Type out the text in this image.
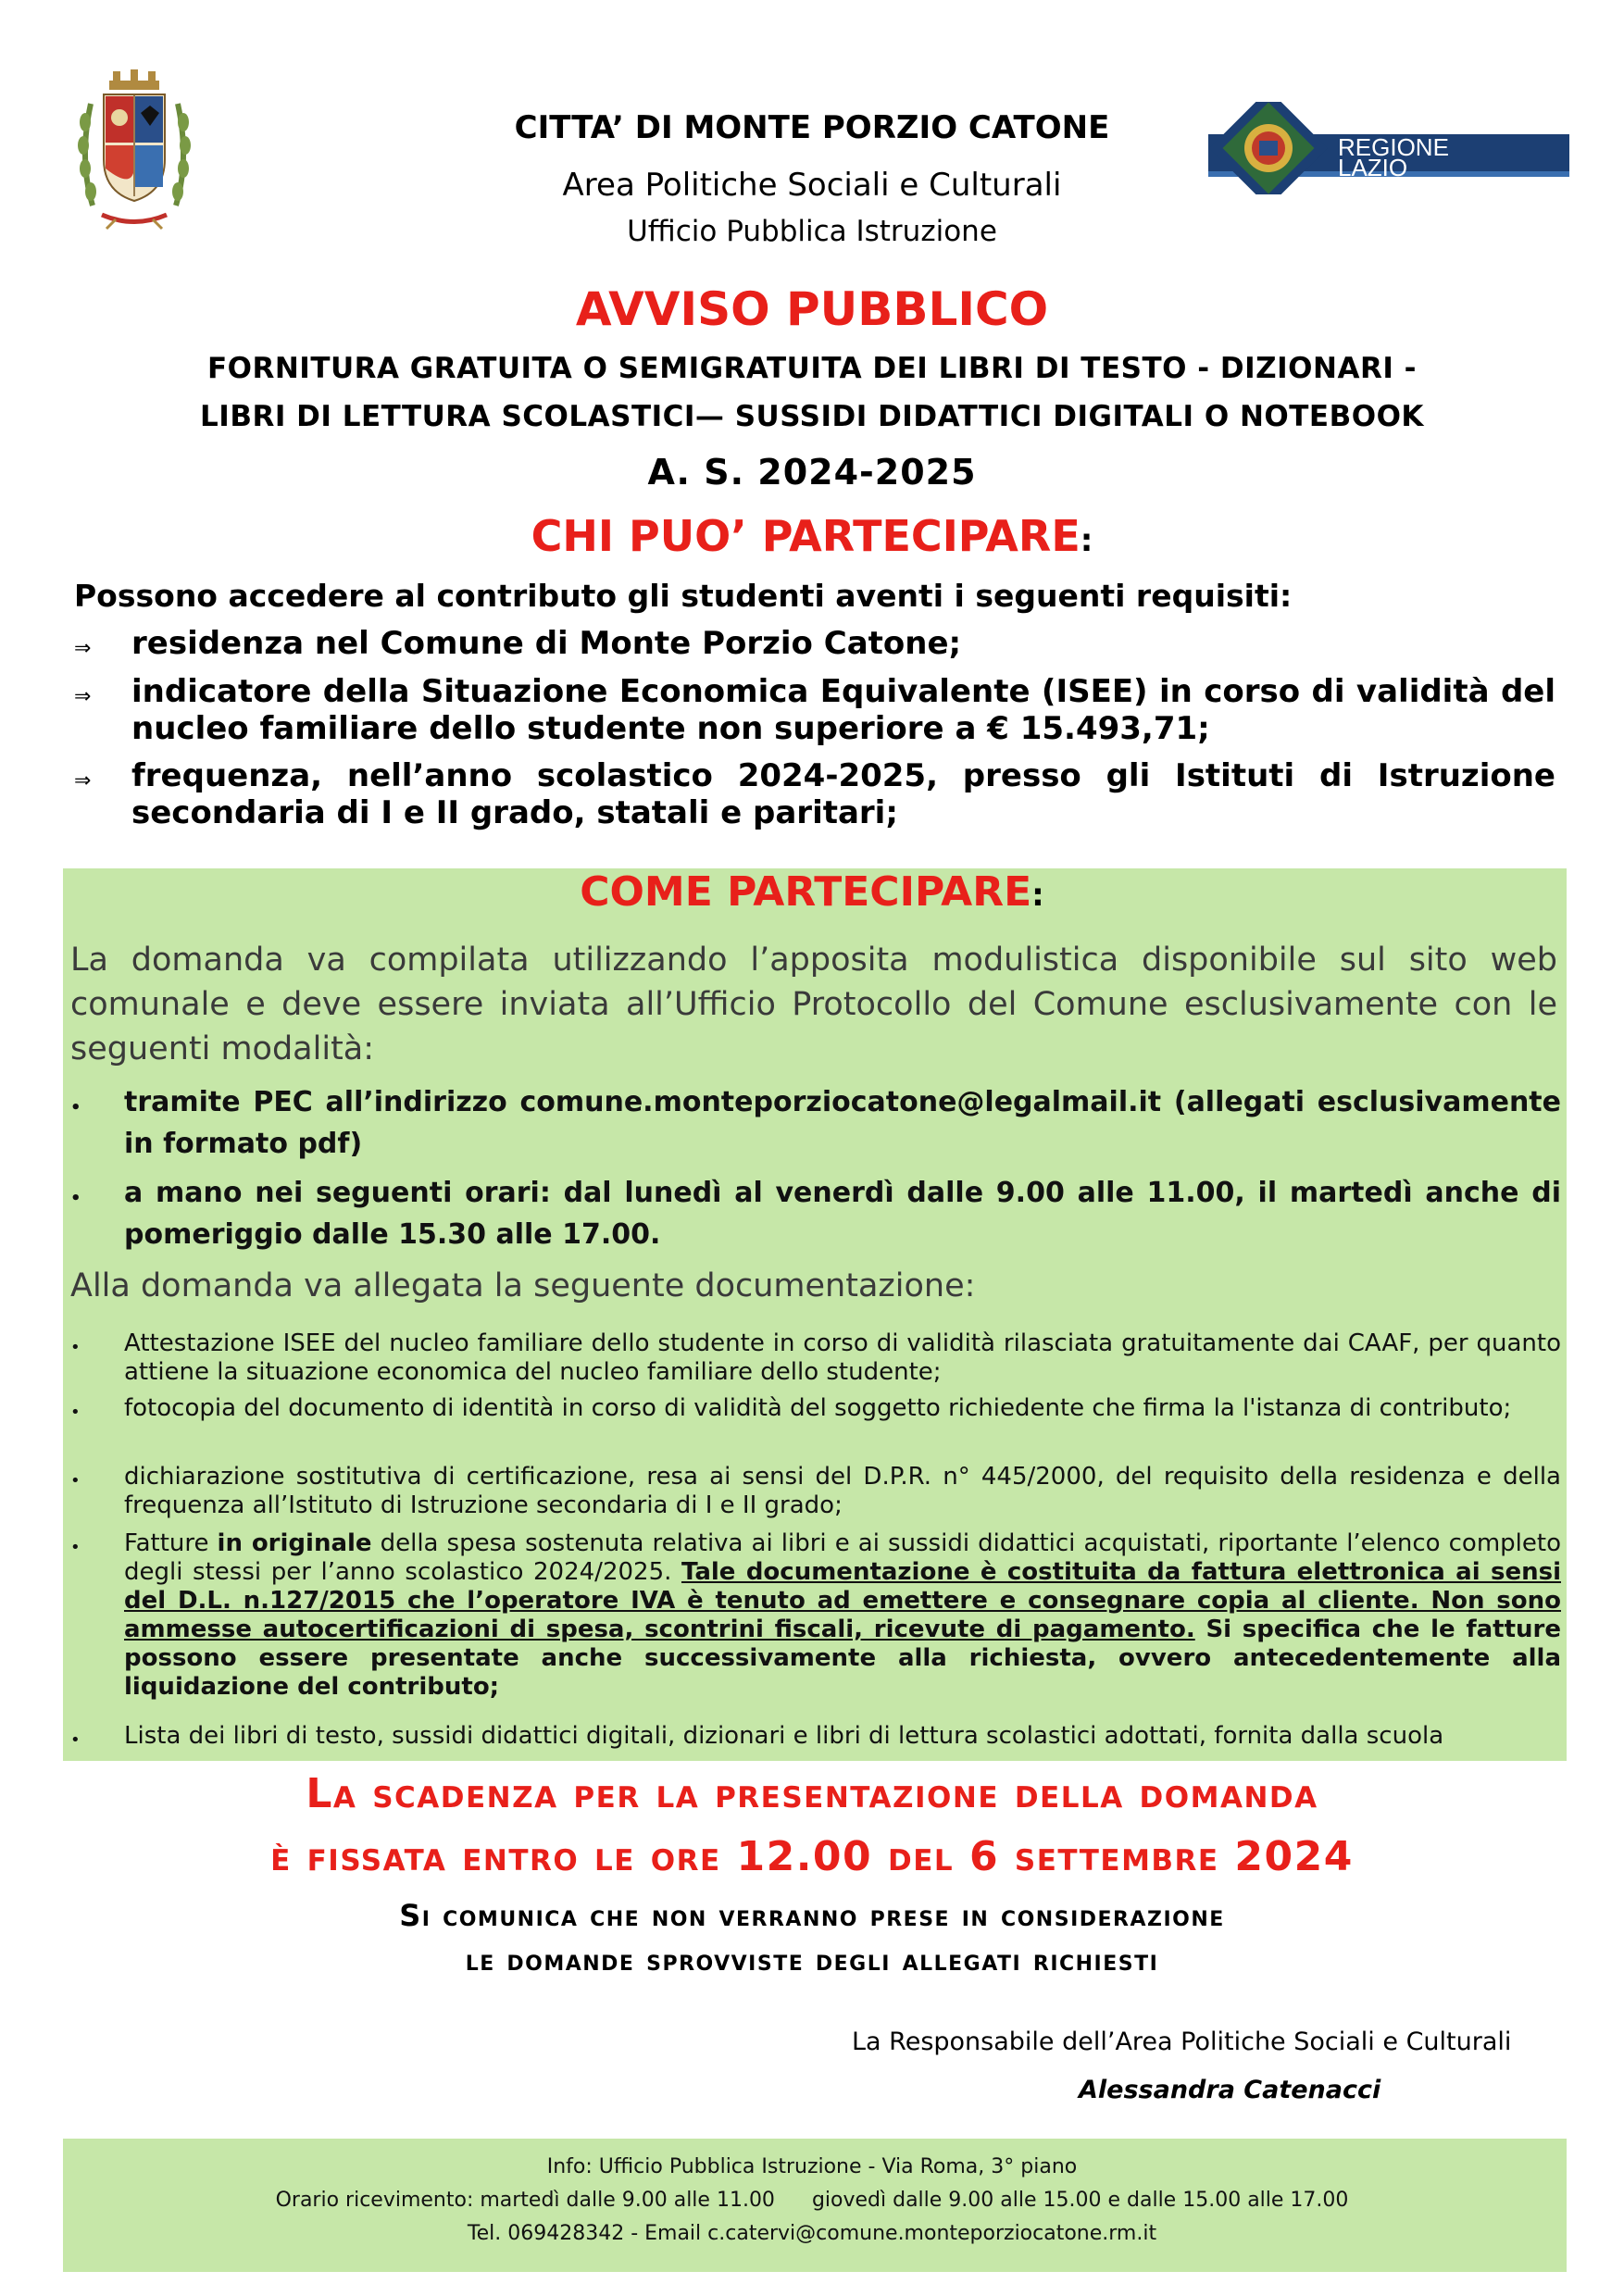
REGIONE
LAZIO
CITTA’ DI MONTE PORZIO CATONE
Area Politiche Sociali e Culturali
Ufficio Pubblica Istruzione
AVVISO PUBBLICO
FORNITURA GRATUITA O SEMIGRATUITA DEI LIBRI DI TESTO - DIZIONARI -
LIBRI DI LETTURA SCOLASTICI— SUSSIDI DIDATTICI DIGITALI O NOTEBOOK
A. S. 2024-2025
CHI PUO’ PARTECIPARE:
Possono accedere al contributo gli studenti aventi i seguenti requisiti:
⇒ residenza nel Comune di Monte Porzio Catone;
⇒ indicatore della Situazione Economica Equivalente (ISEE) in corso di validità del nucleo familiare dello studente non superiore a € 15.493,71;
⇒ frequenza, nell’anno scolastico 2024-2025, presso gli Istituti di Istruzione secondaria di I e II grado, statali e paritari;
COME PARTECIPARE:
La domanda va compilata utilizzando l’apposita modulistica disponibile sul sito web comunale e deve essere inviata all’Ufficio Protocollo del Comune esclusivamente con le seguenti modalità:
• tramite PEC all’indirizzo comune.monteporziocatone@legalmail.it (allegati esclusivamente in formato pdf)
• a mano nei seguenti orari: dal lunedì al venerdì dalle 9.00 alle 11.00, il martedì anche di pomeriggio dalle 15.30 alle 17.00.
Alla domanda va allegata la seguente documentazione:
• Attestazione ISEE del nucleo familiare dello studente in corso di validità rilasciata gratuitamente dai CAAF, per quanto attiene la situazione economica del nucleo familiare dello studente;
• fotocopia del documento di identità in corso di validità del soggetto richiedente che firma la l'istanza di contributo;
• dichiarazione sostitutiva di certificazione, resa ai sensi del D.P.R. n° 445/2000, del requisito della residenza e della frequenza all’Istituto di Istruzione secondaria di I e II grado;
• Fatture in originale della spesa sostenuta relativa ai libri e ai sussidi didattici acquistati, riportante l’elenco completo degli stessi per l’anno scolastico 2024/2025. Tale documentazione è costituita da fattura elettronica ai sensi del D.L. n.127/2015 che l’operatore IVA è tenuto ad emettere e consegnare copia al cliente. Non sono ammesse autocertificazioni di spesa, scontrini fiscali, ricevute di pagamento. Si specifica che le fatture possono essere presentate anche successivamente alla richiesta, ovvero antecedentemente alla liquidazione del contributo;
• Lista dei libri di testo, sussidi didattici digitali, dizionari e libri di lettura scolastici adottati, fornita dalla scuola
La scadenza per la presentazione della domanda
è fissata entro le ore 12.00 del 6 settembre 2024
Si comunica che non verranno prese in considerazione
le domande sprovviste degli allegati richiesti
La Responsabile dell’Area Politiche Sociali e Culturali
Alessandra Catenacci
Info: Ufficio Pubblica Istruzione - Via Roma, 3° piano
Orario ricevimento: martedì dalle 9.00 alle 11.00 giovedì dalle 9.00 alle 15.00 e dalle 15.00 alle 17.00
Tel. 069428342 - Email c.catervi@comune.monteporziocatone.rm.it
